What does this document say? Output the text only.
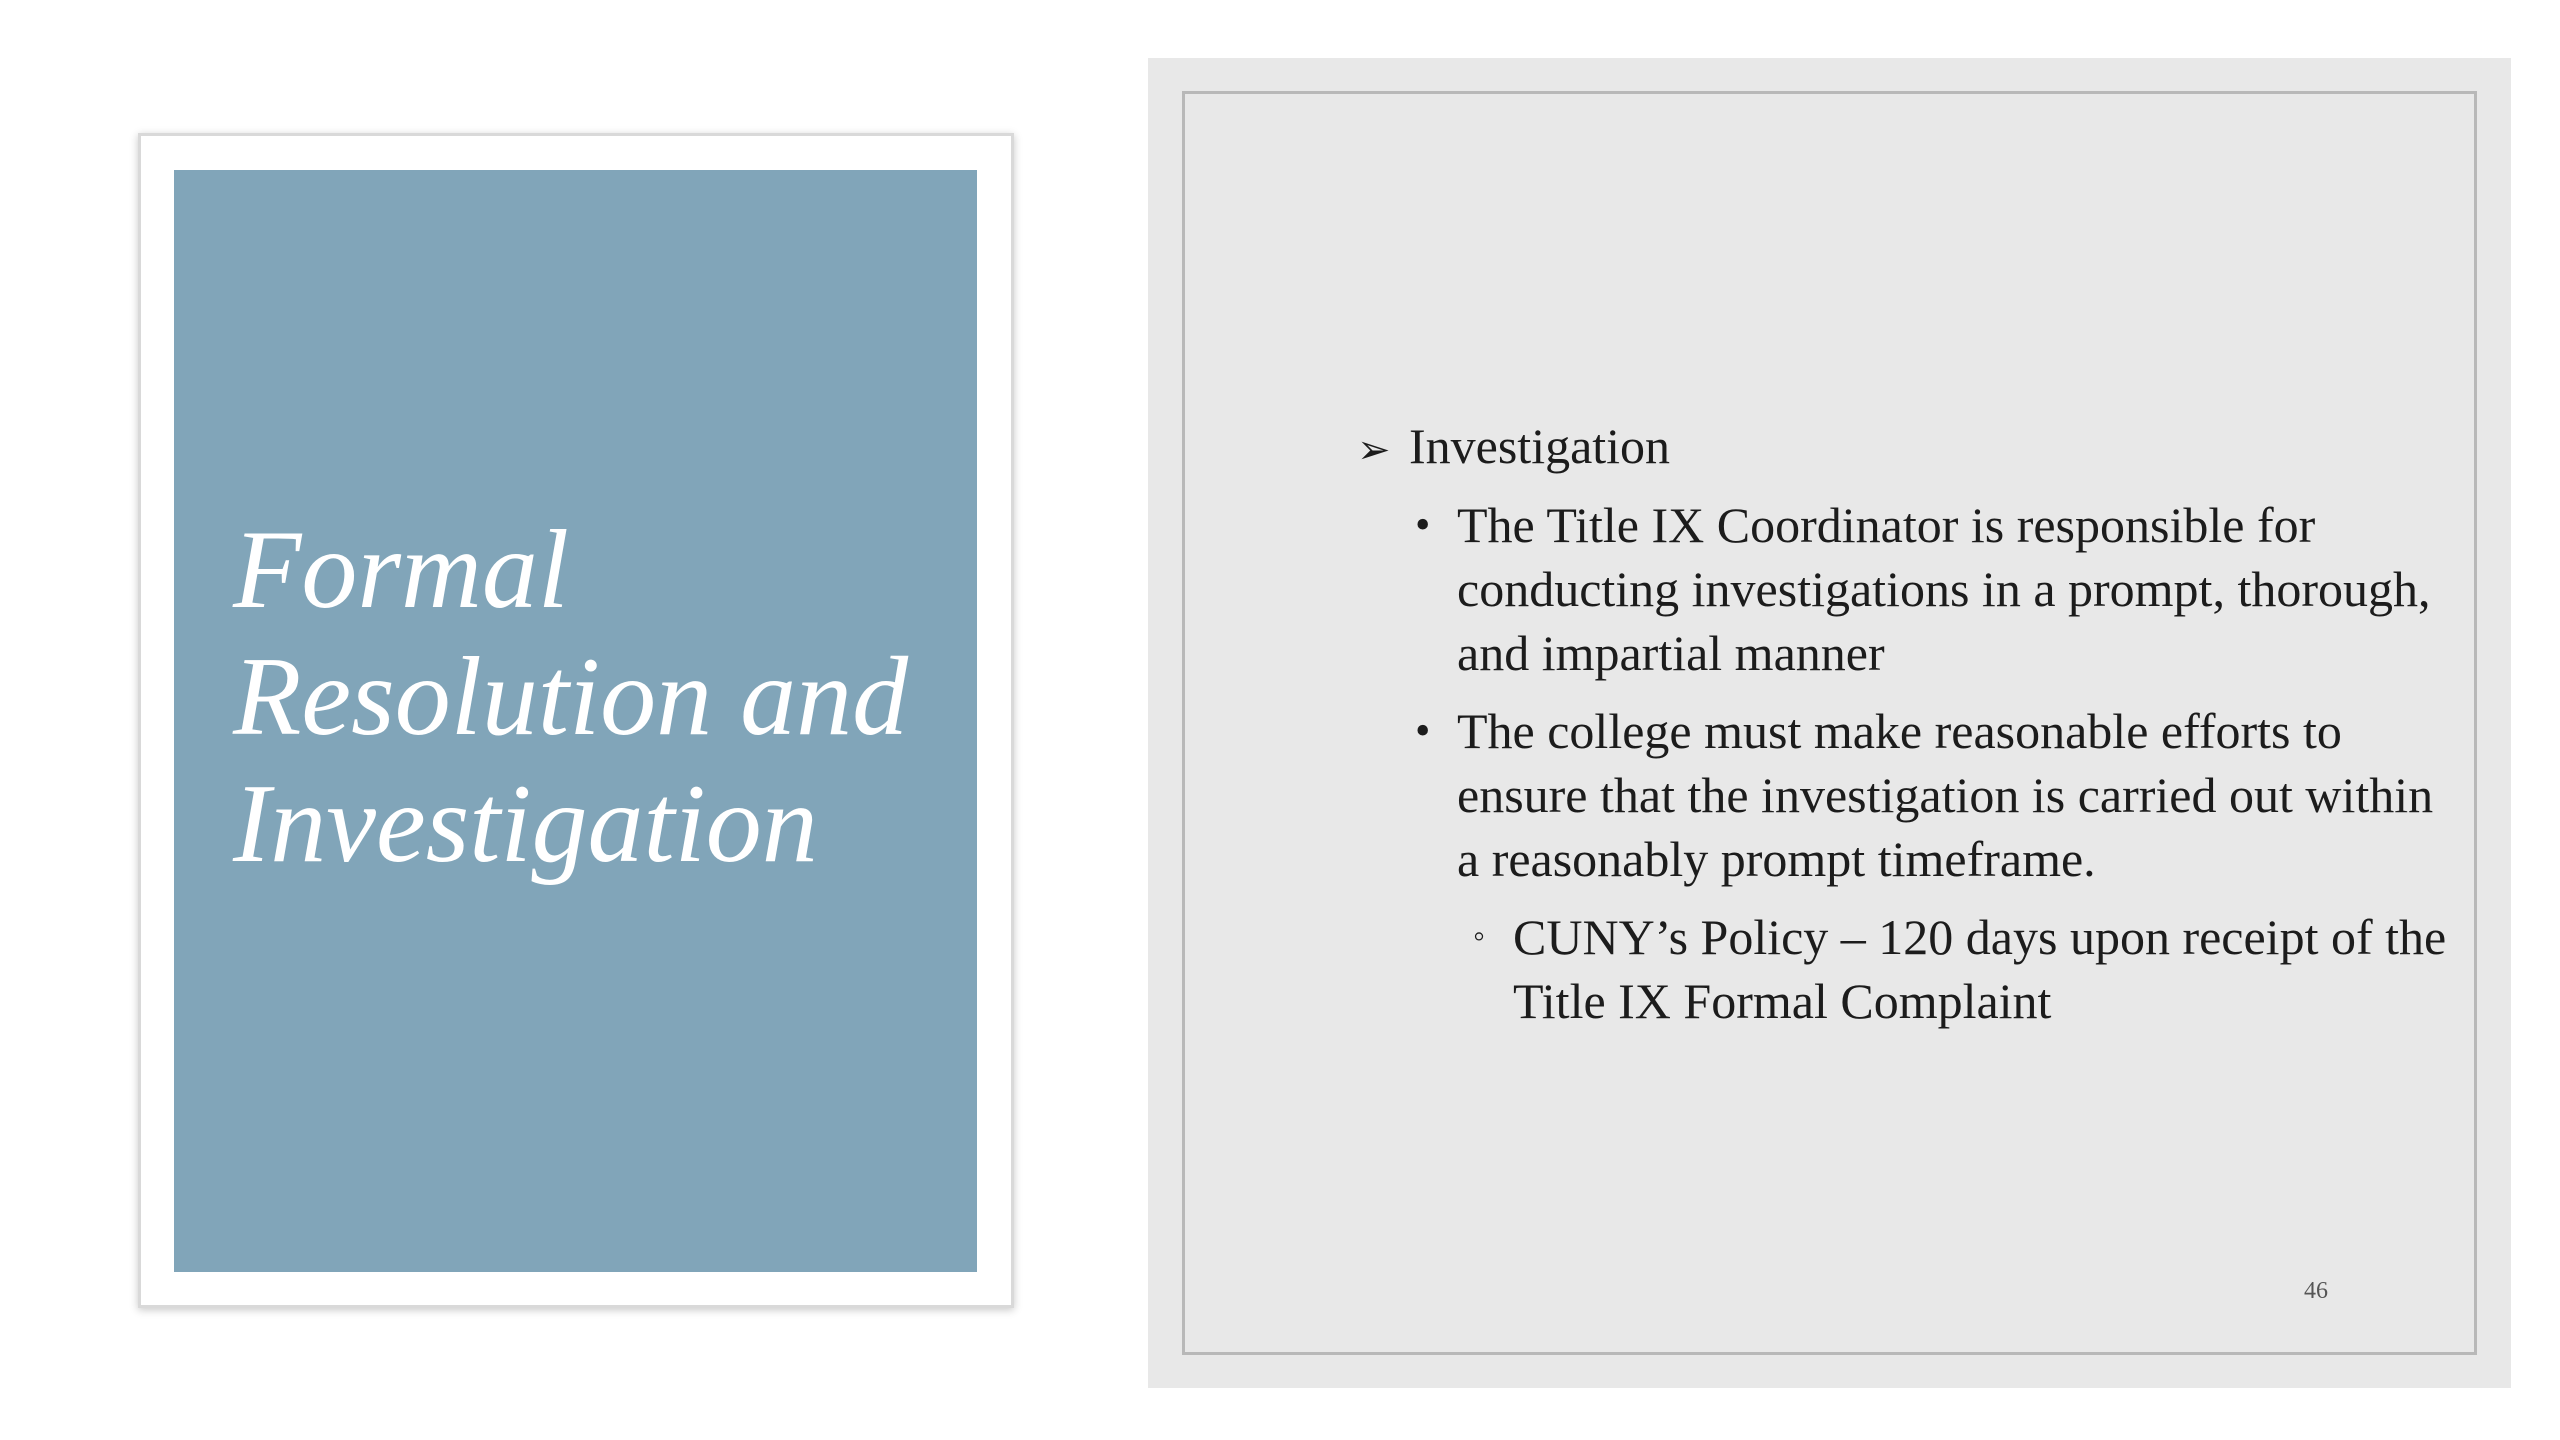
Formal Resolution and Investigation
➢ Investigation
• The Title IX Coordinator is responsible for conducting investigations in a prompt, thorough, and impartial manner
• The college must make reasonable efforts to ensure that the investigation is carried out within a reasonably prompt timeframe.
◦ CUNY’s Policy – 120 days upon receipt of the Title IX Formal Complaint
46
